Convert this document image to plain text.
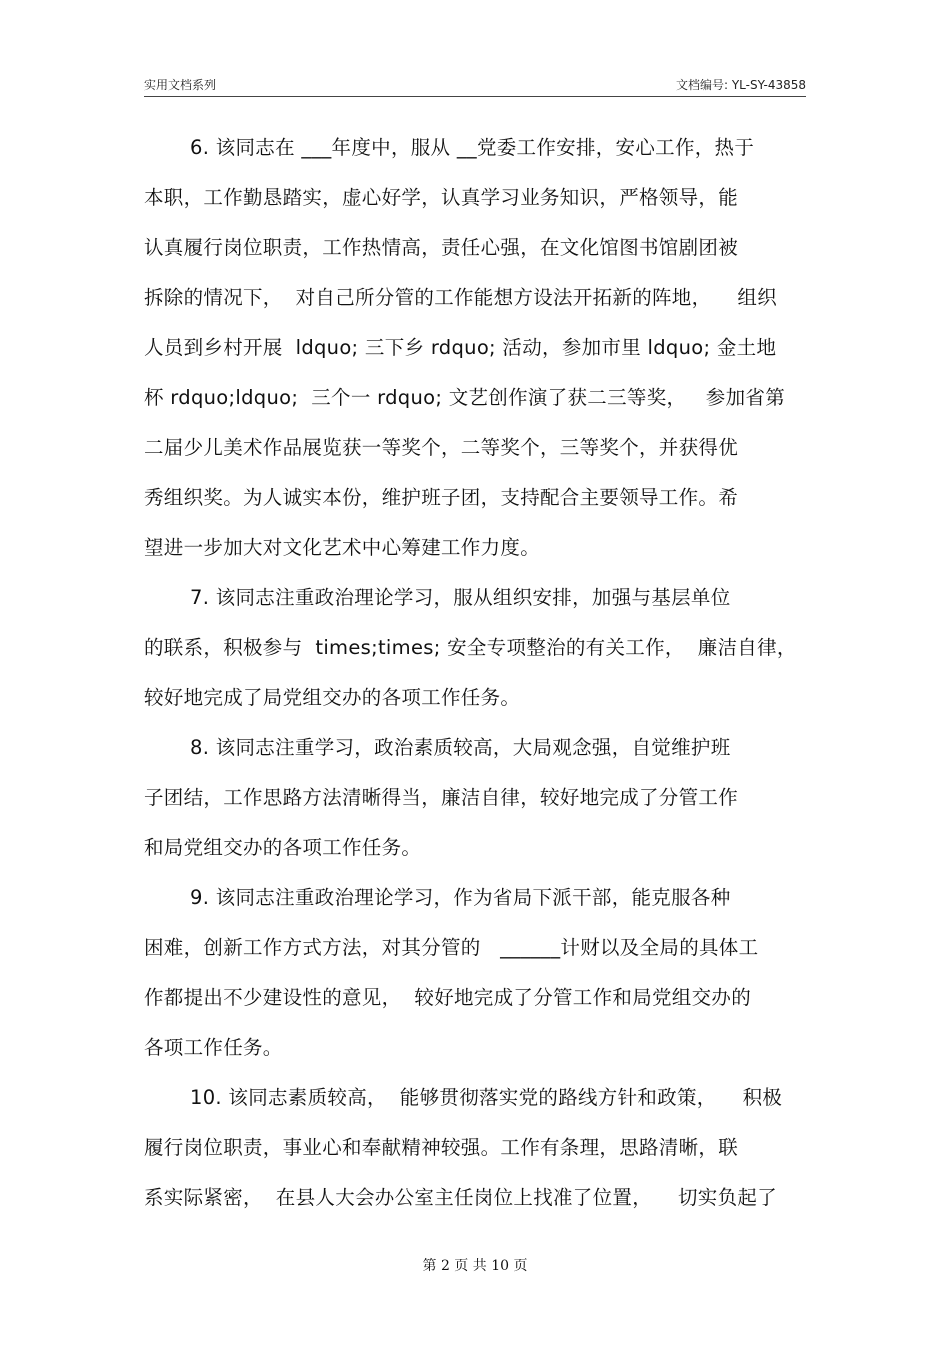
实用文档系列	文档编号: YL-SY-43858
6. 该同志在 ___年度中，服从 __党委工作安排，安心工作，热于
本职，工作勤恳踏实，虚心好学，认真学习业务知识，严格领导，能
认真履行岗位职责，工作热情高，责任心强，在文化馆图书馆剧团被
拆除的情况下，  对自己所分管的工作能想方设法开拓新的阵地，    组织
人员到乡村开展  ldquo; 三下乡 rdquo; 活动，参加市里 ldquo; 金土地
杯 rdquo;ldquo;  三个一 rdquo; 文艺创作演了获二三等奖，   参加省第
二届少儿美术作品展览获一等奖个，二等奖个，三等奖个，并获得优
秀组织奖。为人诚实本份，维护班子团，支持配合主要领导工作。希
望进一步加大对文化艺术中心筹建工作力度。
7. 该同志注重政治理论学习，服从组织安排，加强与基层单位
的联系，积极参与  times;times; 安全专项整治的有关工作，  廉洁自律，
较好地完成了局党组交办的各项工作任务。
8. 该同志注重学习，政治素质较高，大局观念强，自觉维护班
子团结，工作思路方法清晰得当，廉洁自律，较好地完成了分管工作
和局党组交办的各项工作任务。
9. 该同志注重政治理论学习，作为省局下派干部，能克服各种
困难，创新工作方式方法，对其分管的   ______计财以及全局的具体工
作都提出不少建设性的意见，  较好地完成了分管工作和局党组交办的
各项工作任务。
10. 该同志素质较高，  能够贯彻落实党的路线方针和政策，    积极
履行岗位职责，事业心和奉献精神较强。工作有条理，思路清晰，联
系实际紧密，  在县人大会办公室主任岗位上找准了位置，    切实负起了
第 2 页 共 10 页
